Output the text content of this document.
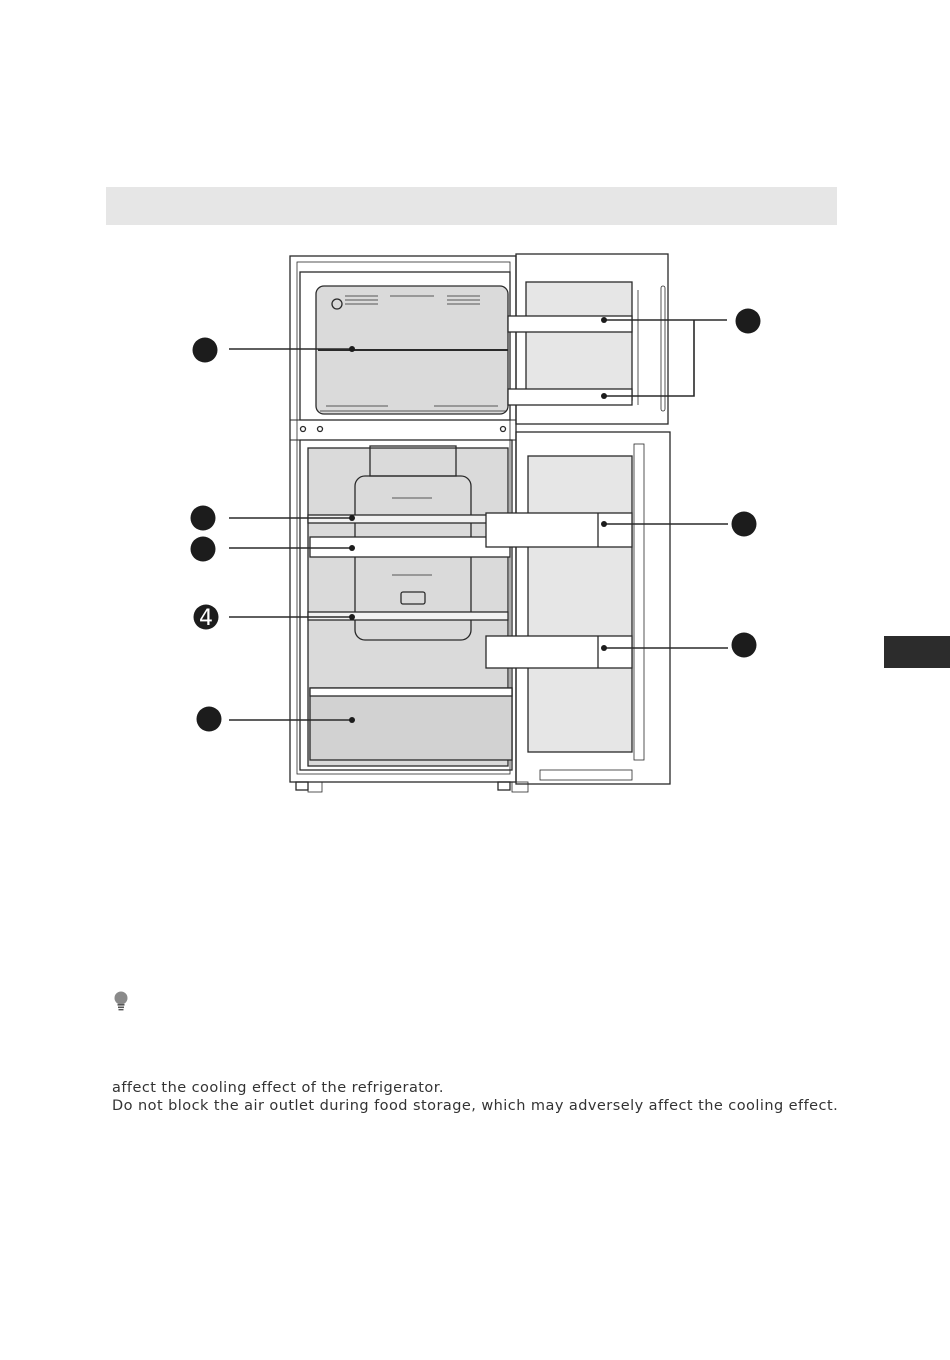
4
affect the cooling effect of the refrigerator.
Do not block the air outlet during food storage, which may adversely affect the cooling effect.
